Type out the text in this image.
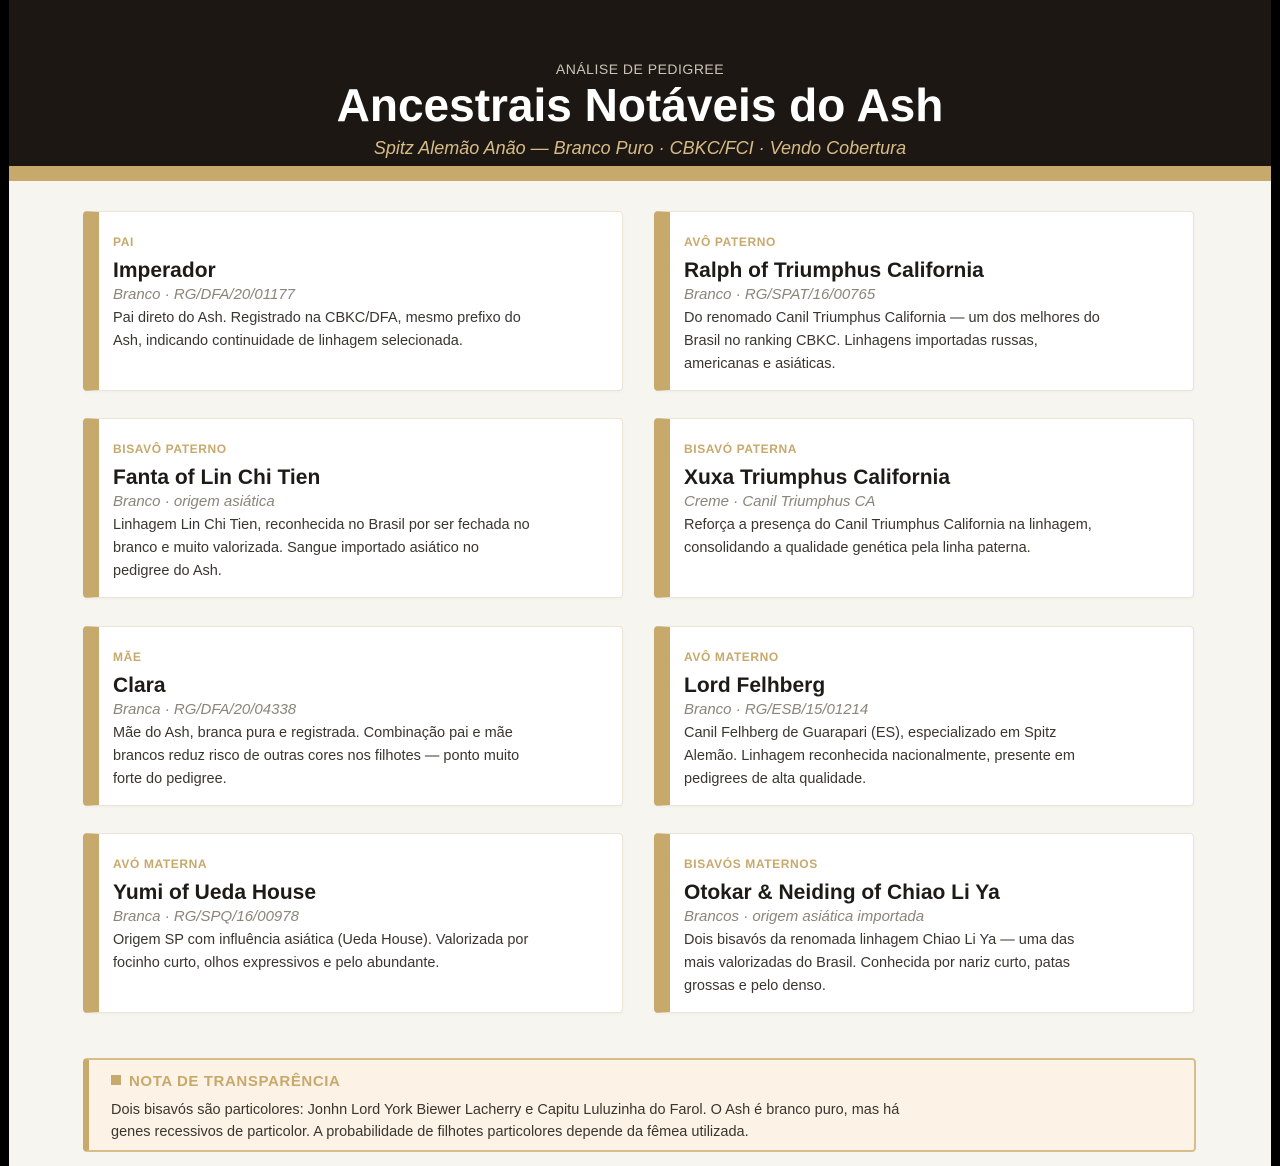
ANÁLISE DE PEDIGREE
Ancestrais Notáveis do Ash
Spitz Alemão Anão — Branco Puro · CBKC/FCI · Vendo Cobertura
PAI
Imperador
Branco · RG/DFA/20/01177
Pai direto do Ash. Registrado na CBKC/DFA, mesmo prefixo do Ash, indicando continuidade de linhagem selecionada.
AVÔ PATERNO
Ralph of Triumphus California
Branco · RG/SPAT/16/00765
Do renomado Canil Triumphus California — um dos melhores do Brasil no ranking CBKC. Linhagens importadas russas, americanas e asiáticas.
BISAVÔ PATERNO
Fanta of Lin Chi Tien
Branco · origem asiática
Linhagem Lin Chi Tien, reconhecida no Brasil por ser fechada no branco e muito valorizada. Sangue importado asiático no pedigree do Ash.
BISAVÓ PATERNA
Xuxa Triumphus California
Creme · Canil Triumphus CA
Reforça a presença do Canil Triumphus California na linhagem, consolidando a qualidade genética pela linha paterna.
MÃE
Clara
Branca · RG/DFA/20/04338
Mãe do Ash, branca pura e registrada. Combinação pai e mãe brancos reduz risco de outras cores nos filhotes — ponto muito forte do pedigree.
AVÔ MATERNO
Lord Felhberg
Branco · RG/ESB/15/01214
Canil Felhberg de Guarapari (ES), especializado em Spitz Alemão. Linhagem reconhecida nacionalmente, presente em pedigrees de alta qualidade.
AVÓ MATERNA
Yumi of Ueda House
Branca · RG/SPQ/16/00978
Origem SP com influência asiática (Ueda House). Valorizada por focinho curto, olhos expressivos e pelo abundante.
BISAVÓS MATERNOS
Otokar & Neiding of Chiao Li Ya
Brancos · origem asiática importada
Dois bisavós da renomada linhagem Chiao Li Ya — uma das mais valorizadas do Brasil. Conhecida por nariz curto, patas grossas e pelo denso.
NOTA DE TRANSPARÊNCIA
Dois bisavós são particolores: Jonhn Lord York Biewer Lacherry e Capitu Luluzinha do Farol. O Ash é branco puro, mas há genes recessivos de particolor. A probabilidade de filhotes particolores depende da fêmea utilizada.
